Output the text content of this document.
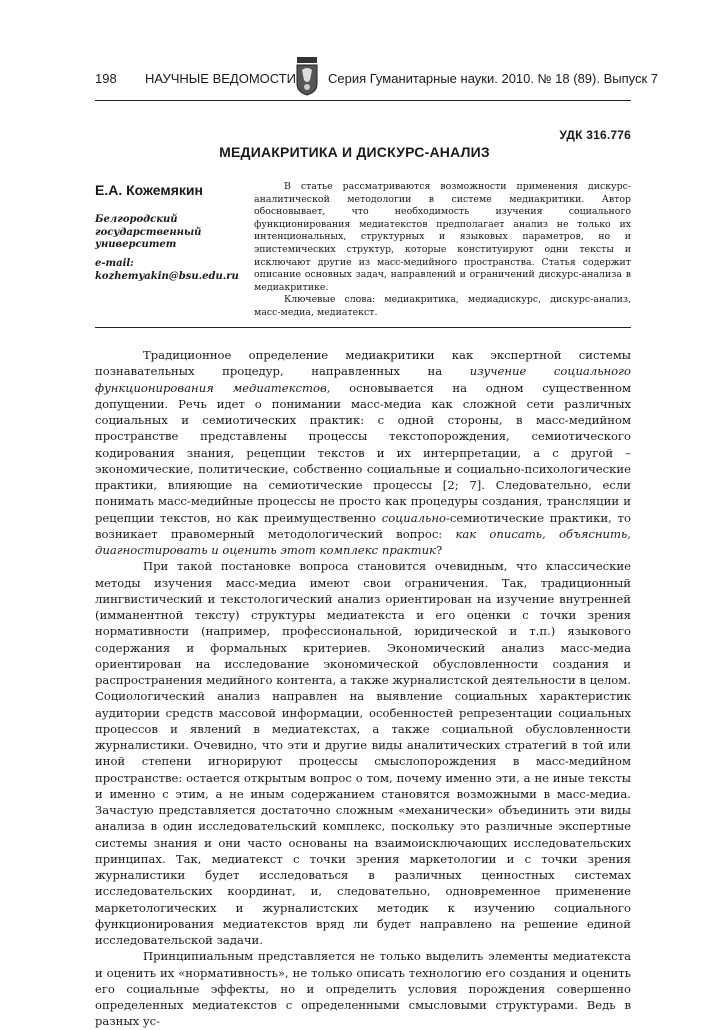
198 НАУЧНЫЕ ВЕДОМОСТИ Серия Гуманитарные науки. 2010. № 18 (89). Выпуск 7
УДК 316.776
МЕДИАКРИТИКА И ДИСКУРС-АНАЛИЗ
Е.А. Кожемякин
Белгородский государственный университет
e-mail:
kozhemyakin@bsu.edu.ru
В статье рассматриваются возможности применения дискурс-аналитической методологии в системе медиакритики. Автор обосновывает, что необходимость изучения социального функционирования медиатекстов предполагает анализ не только их интенциональных, структурных и языковых параметров, но и эпистемических структур, которые конституируют одни тексты и исключают другие из масс-медийного пространства. Статья содержит описание основных задач, направлений и ограничений дискурс-анализа в медиакритике.
Ключевые слова: медиакритика, медиадискурс, дискурс-анализ, масс-медиа, медиатекст.

Традиционное определение медиакритики как экспертной системы познавательных процедур, направленных на изучение социального функционирования медиатекстов, основывается на одном существенном допущении. Речь идет о понимании масс-медиа как сложной сети различных социальных и семиотических практик: с одной стороны, в масс-медийном пространстве представлены процессы текстопорождения, семиотического кодирования знания, рецепции текстов и их интерпретации, а с другой – экономические, политические, собственно социальные и социально-психологические практики, влияющие на семиотические процессы [2; 7]. Следовательно, если понимать масс-медийные процессы не просто как процедуры создания, трансляции и рецепции текстов, но как преимущественно социально-семиотические практики, то возникает правомерный методологический вопрос: как описать, объяснить, диагностировать и оценить этот комплекс практик?

При такой постановке вопроса становится очевидным, что классические методы изучения масс-медиа имеют свои ограничения. Так, традиционный лингвистический и текстологический анализ ориентирован на изучение внутренней (имманентной тексту) структуры медиатекста и его оценки с точки зрения нормативности (например, профессиональной, юридической и т.п.) языкового содержания и формальных критериев. Экономический анализ масс-медиа ориентирован на исследование экономической обусловленности создания и распространения медийного контента, а также журналистской деятельности в целом. Социологический анализ направлен на выявление социальных характеристик аудитории средств массовой информации, особенностей репрезентации социальных процессов и явлений в медиатекстах, а также социальной обусловленности журналистики. Очевидно, что эти и другие виды аналитических стратегий в той или иной степени игнорируют процессы смыслопорождения в масс-медийном пространстве: остается открытым вопрос о том, почему именно эти, а не иные тексты и именно с этим, а не иным содержанием становятся возможными в масс-медиа. Зачастую представляется достаточно сложным «механически» объединить эти виды анализа в один исследовательский комплекс, поскольку это различные экспертные системы знания и они часто основаны на взаимоисключающих исследовательских принципах. Так, медиатекст с точки зрения маркетологии и с точки зрения журналистики будет исследоваться в различных ценностных системах исследовательских координат, и, следовательно, одновременное применение маркетологических и журналистских методик к изучению социального функционирования медиатекстов вряд ли будет направлено на решение единой исследовательской задачи.

Принципиальным представляется не только выделить элементы медиатекста и оценить их «нормативность», не только описать технологию его создания и оценить его социальные эффекты, но и определить условия порождения совершенно определенных медиатекстов с определенными смысловыми структурами. Ведь в разных ус-
